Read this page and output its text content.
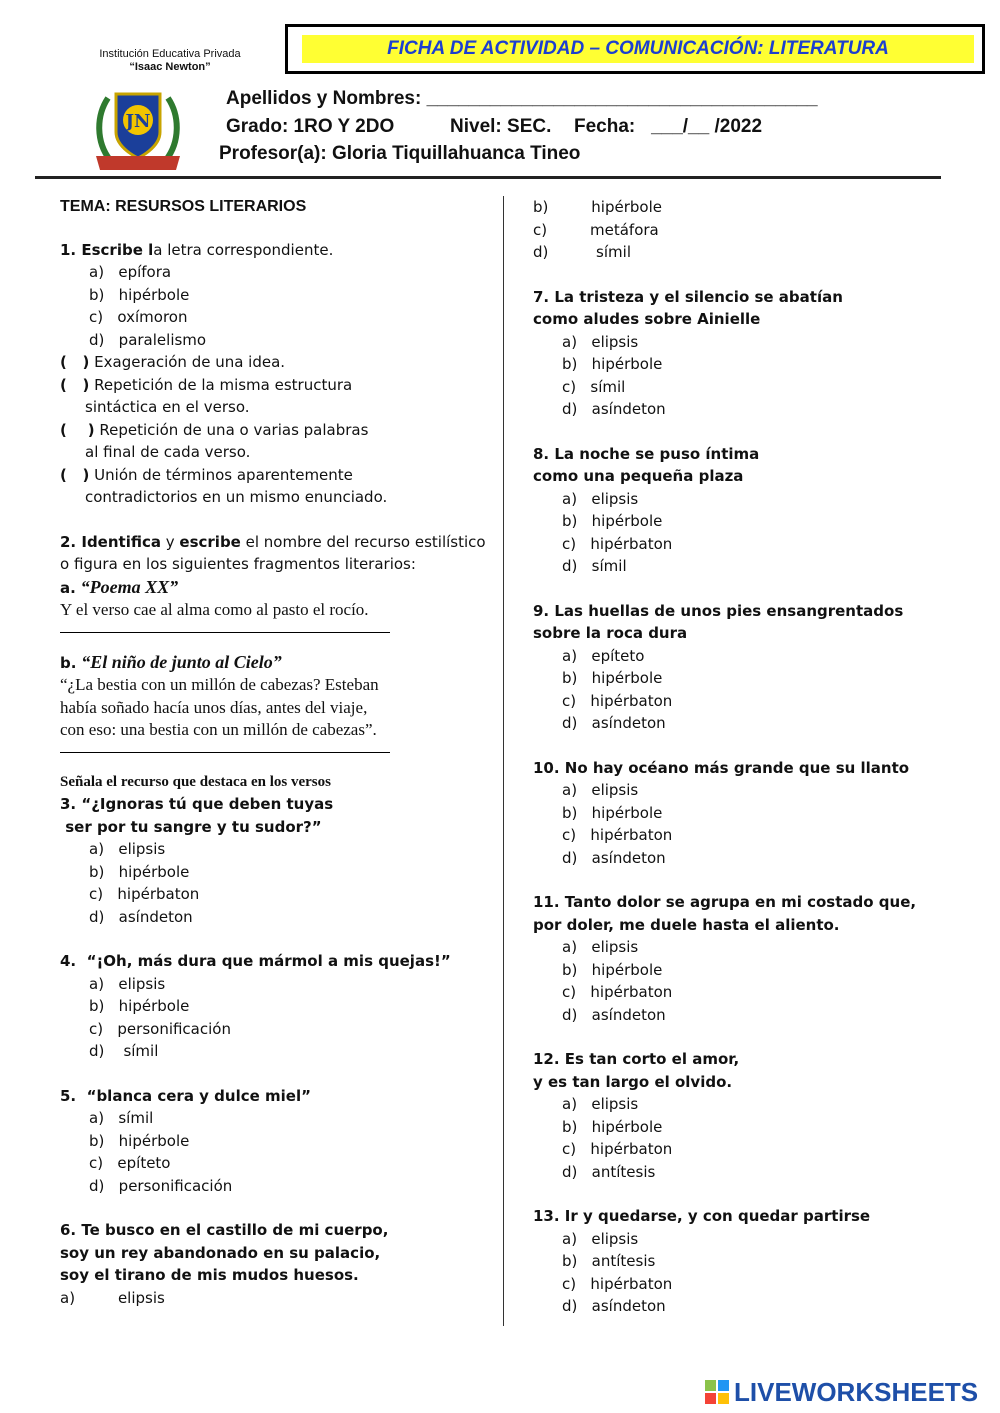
Institución Educativa Privada
“Isaac Newton”
JN
FICHA DE ACTIVIDAD – COMUNICACIÓN: LITERATURA
Apellidos y Nombres: _____________________________________
Grado: 1RO Y 2DO	Nivel: SEC. Fecha:   ___/__ /2022
Profesor(a): Gloria Tiquillahuanca Tineo
TEMA: RESURSOS LITERARIOS
1. Escribe la letra correspondiente.
a)   epífora
b)   hipérbole
c)   oxímoron
d)   paralelismo
(   ) Exageración de una idea.
(   ) Repetición de la misma estructura
sintáctica en el verso.
(    ) Repetición de una o varias palabras
al final de cada verso.
(   ) Unión de términos aparentemente
contradictorios en un mismo enunciado.
2. Identifica y escribe el nombre del recurso estilístico
o figura en los siguientes fragmentos literarios:
a. “Poema XX”
Y el verso cae al alma como al pasto el rocío.
b. “El niño de junto al Cielo”
“¿La bestia con un millón de cabezas? Esteban
había soñado hacía unos días, antes del viaje,
con eso: una bestia con un millón de cabezas”.
Señala el recurso que destaca en los versos
3. “¿Ignoras tú que deben tuyas
ser por tu sangre y tu sudor?”
a)   elipsis
b)   hipérbole
c)   hipérbaton
d)   asíndeton
4.  “¡Oh, más dura que mármol a mis quejas!”
a)   elipsis
b)   hipérbole
c)   personificación
d)    símil
5.  “blanca cera y dulce miel”
a)   símil
b)   hipérbole
c)   epíteto
d)   personificación
6. Te busco en el castillo de mi cuerpo,
soy un rey abandonado en su palacio,
soy el tirano de mis mudos huesos.
a)         elipsis
b)         hipérbole
c)         metáfora
d)          símil
7. La tristeza y el silencio se abatían
como aludes sobre Ainielle
a)   elipsis
b)   hipérbole
c)   símil
d)   asíndeton
8. La noche se puso íntima
como una pequeña plaza
a)   elipsis
b)   hipérbole
c)   hipérbaton
d)   símil
9. Las huellas de unos pies ensangrentados
sobre la roca dura
a)   epíteto
b)   hipérbole
c)   hipérbaton
d)   asíndeton
10. No hay océano más grande que su llanto
a)   elipsis
b)   hipérbole
c)   hipérbaton
d)   asíndeton
11. Tanto dolor se agrupa en mi costado que,
por doler, me duele hasta el aliento.
a)   elipsis
b)   hipérbole
c)   hipérbaton
d)   asíndeton
12. Es tan corto el amor,
y es tan largo el olvido.
a)   elipsis
b)   hipérbole
c)   hipérbaton
d)   antítesis
13. Ir y quedarse, y con quedar partirse
a)   elipsis
b)   antítesis
c)   hipérbaton
d)   asíndeton
LIVEWORKSHEETS
